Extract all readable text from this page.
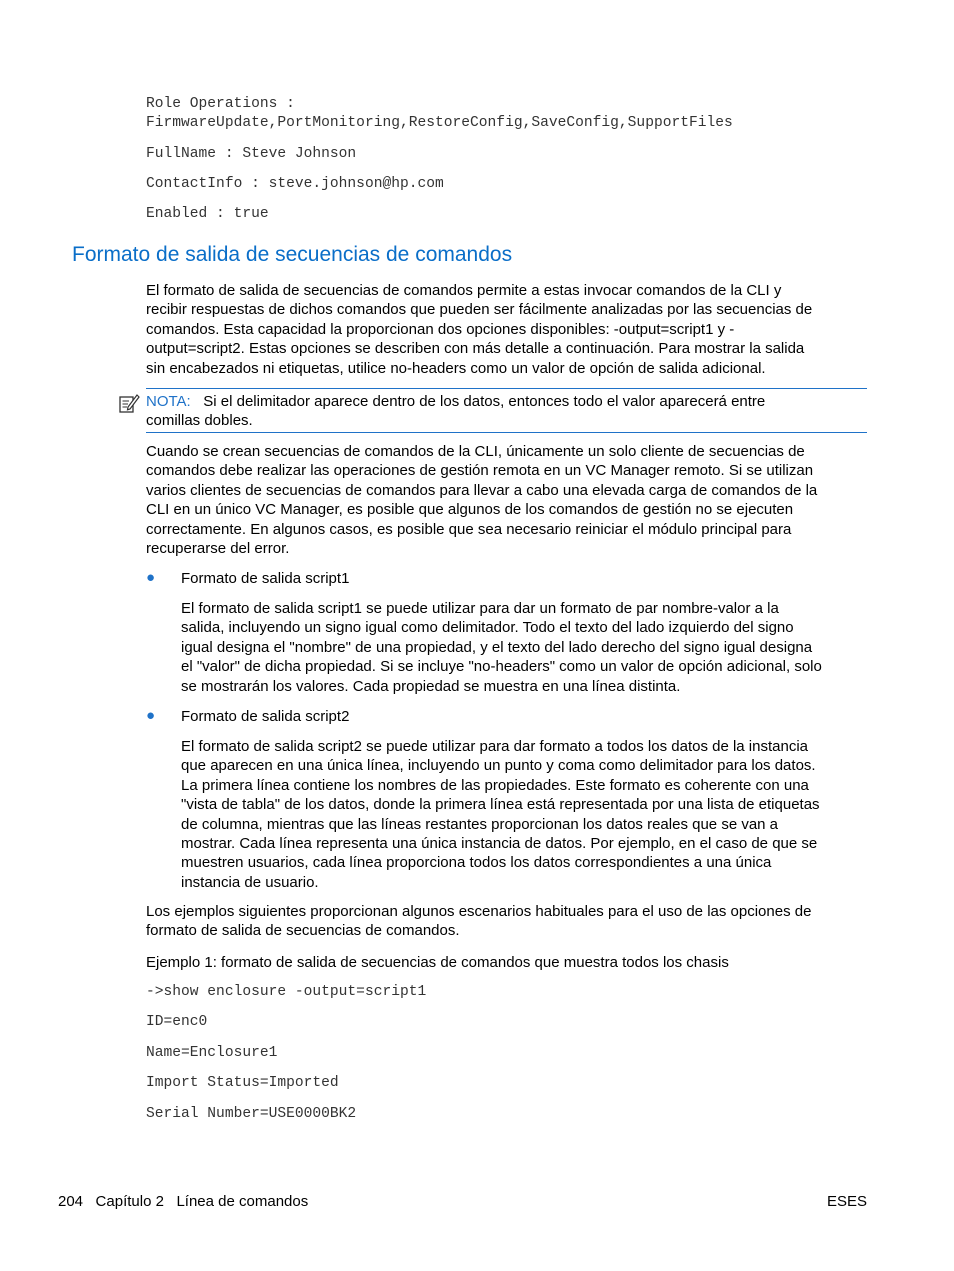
Role Operations :
FirmwareUpdate,PortMonitoring,RestoreConfig,SaveConfig,SupportFiles
FullName : Steve Johnson
ContactInfo : steve.johnson@hp.com
Enabled : true
Formato de salida de secuencias de comandos
El formato de salida de secuencias de comandos permite a estas invocar comandos de la CLI y
recibir respuestas de dichos comandos que pueden ser fácilmente analizadas por las secuencias de
comandos. Esta capacidad la proporcionan dos opciones disponibles: -output=script1 y -
output=script2. Estas opciones se describen con más detalle a continuación. Para mostrar la salida
sin encabezados ni etiquetas, utilice no-headers como un valor de opción de salida adicional.
NOTA: Si el delimitador aparece dentro de los datos, entonces todo el valor aparecerá entre
comillas dobles.
Cuando se crean secuencias de comandos de la CLI, únicamente un solo cliente de secuencias de
comandos debe realizar las operaciones de gestión remota en un VC Manager remoto. Si se utilizan
varios clientes de secuencias de comandos para llevar a cabo una elevada carga de comandos de la
CLI en un único VC Manager, es posible que algunos de los comandos de gestión no se ejecuten
correctamente. En algunos casos, es posible que sea necesario reiniciar el módulo principal para
recuperarse del error.
● Formato de salida script1
El formato de salida script1 se puede utilizar para dar un formato de par nombre-valor a la
salida, incluyendo un signo igual como delimitador. Todo el texto del lado izquierdo del signo
igual designa el "nombre" de una propiedad, y el texto del lado derecho del signo igual designa
el "valor" de dicha propiedad. Si se incluye "no-headers" como un valor de opción adicional, solo
se mostrarán los valores. Cada propiedad se muestra en una línea distinta.
● Formato de salida script2
El formato de salida script2 se puede utilizar para dar formato a todos los datos de la instancia
que aparecen en una única línea, incluyendo un punto y coma como delimitador para los datos.
La primera línea contiene los nombres de las propiedades. Este formato es coherente con una
"vista de tabla" de los datos, donde la primera línea está representada por una lista de etiquetas
de columna, mientras que las líneas restantes proporcionan los datos reales que se van a
mostrar. Cada línea representa una única instancia de datos. Por ejemplo, en el caso de que se
muestren usuarios, cada línea proporciona todos los datos correspondientes a una única
instancia de usuario.
Los ejemplos siguientes proporcionan algunos escenarios habituales para el uso de las opciones de
formato de salida de secuencias de comandos.
Ejemplo 1: formato de salida de secuencias de comandos que muestra todos los chasis
->show enclosure -output=script1
ID=enc0
Name=Enclosure1
Import Status=Imported
Serial Number=USE0000BK2
204 Capítulo 2 Línea de comandos	ESES
